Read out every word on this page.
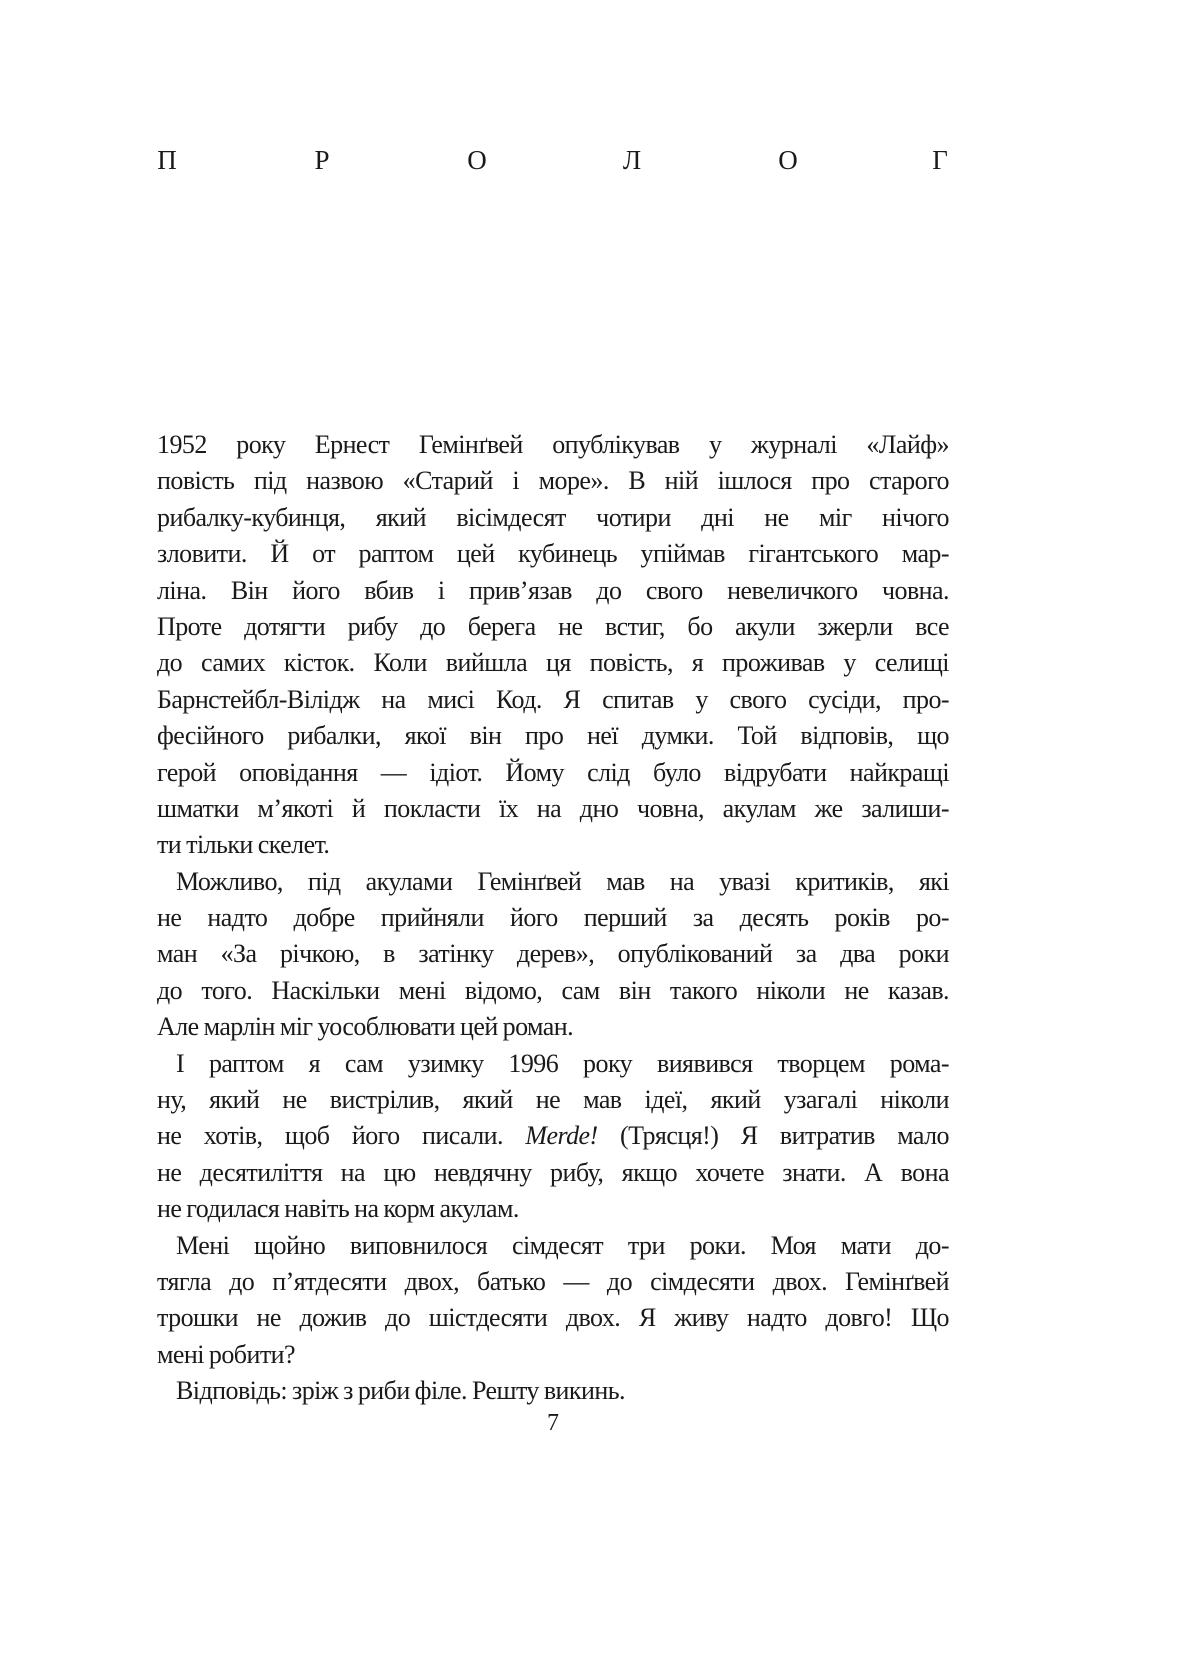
П	Р	О	Л	О	Г
1952 року Ернест Гемінґвей опублікував у журналі «Лайф»
повість під назвою «Старий і море». В ній ішлося про старого
рибалку-кубинця, який вісімдесят чотири дні не міг нічого
зловити. Й от раптом цей кубинець упіймав гігантського мар-
ліна. Він його вбив і прив’язав до свого невеличкого човна.
Проте дотягти рибу до берега не встиг, бо акули зжерли все
до самих кісток. Коли вийшла ця повість, я проживав у селищі
Барнстейбл-Вілідж на мисі Код. Я спитав у свого сусіди, про-
фесійного рибалки, якої він про неї думки. Той відповів, що
герой оповідання — ідіот. Йому слід було відрубати найкращі
шматки м’якоті й покласти їх на дно човна, акулам же залиши-
ти тільки скелет.
Можливо, під акулами Гемінґвей мав на увазі критиків, які
не надто добре прийняли його перший за десять років ро-
ман «За річкою, в затінку дерев», опублікований за два роки
до того. Наскільки мені відомо, сам він такого ніколи не казав.
Але марлін міг уособлювати цей роман.
І раптом я сам узимку 1996 року виявився творцем рома-
ну, який не вистрілив, який не мав ідеї, який узагалі ніколи
не хотів, щоб його писали. Merde! (Трясця!) Я витратив мало
не десятиліття на цю невдячну рибу, якщо хочете знати. А вона
не годилася навіть на корм акулам.
Мені щойно виповнилося сімдесят три роки. Моя мати до-
тягла до п’ятдесяти двох, батько — до сімдесяти двох. Гемінґвей
трошки не дожив до шістдесяти двох. Я живу надто довго! Що
мені робити?
Відповідь: зріж з риби філе. Решту викинь.
7
